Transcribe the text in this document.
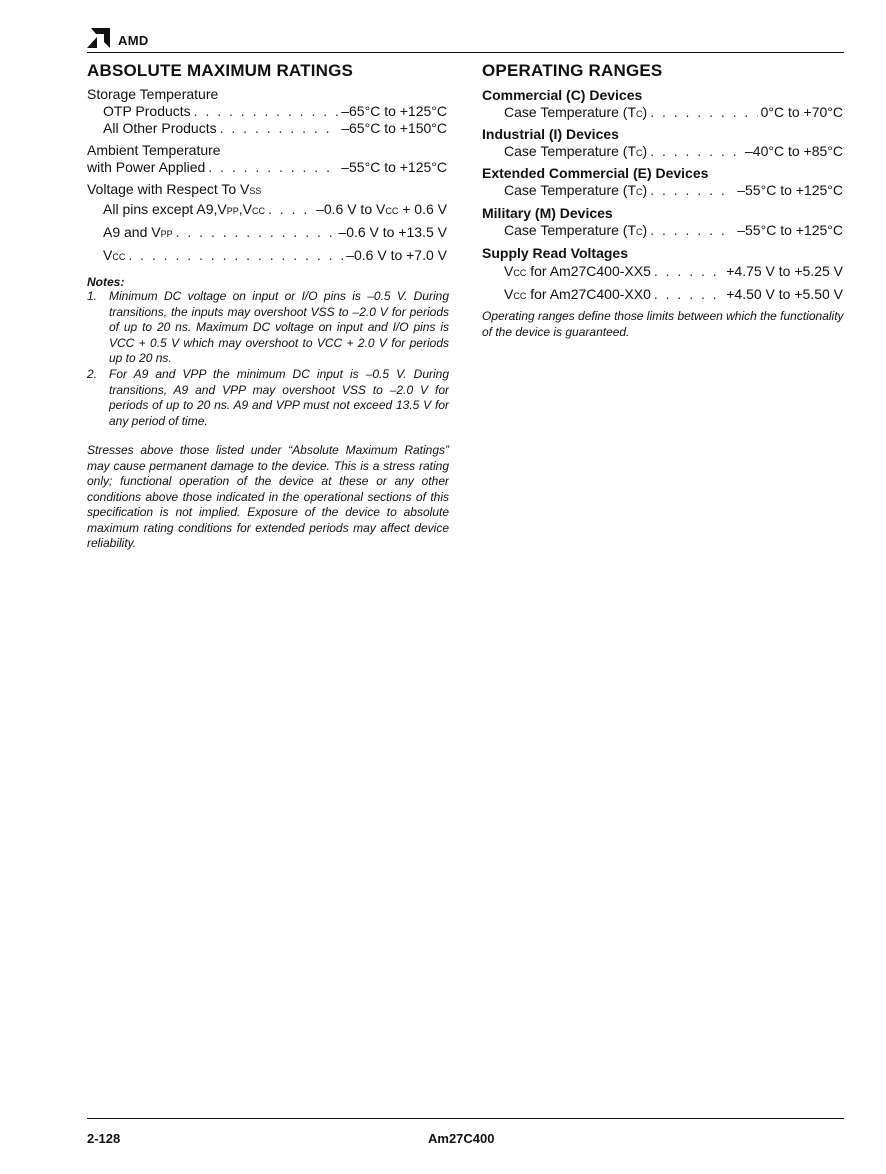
AMD
ABSOLUTE MAXIMUM RATINGS
Storage Temperature
OTP Products . . .	–65°C to +125°C
All Other Products . . .	–65°C to +150°C
Ambient Temperature
with Power Applied . . .	–55°C to +125°C
Voltage with Respect To VSS
All pins except A9,VPP,VCC . . .	–0.6 V to VCC + 0.6 V
A9 and VPP . . .	–0.6 V to +13.5 V
VCC . . .	–0.6 V to +7.0 V
Notes:
1. Minimum DC voltage on input or I/O pins is –0.5 V. During transitions, the inputs may overshoot VSS to –2.0 V for periods of up to 20 ns. Maximum DC voltage on input and I/O pins is VCC + 0.5 V which may overshoot to VCC + 2.0 V for periods up to 20 ns.
2. For A9 and VPP the minimum DC input is –0.5 V. During transitions, A9 and VPP may overshoot VSS to –2.0 V for periods of up to 20 ns. A9 and VPP must not exceed 13.5 V for any period of time.
Stresses above those listed under “Absolute Maximum Ratings” may cause permanent damage to the device. This is a stress rating only; functional operation of the device at these or any other conditions above those indicated in the operational sections of this specification is not implied. Exposure of the device to absolute maximum rating conditions for extended periods may affect device reliability.
OPERATING RANGES
Commercial (C) Devices
Case Temperature (TC) . . .	0°C to +70°C
Industrial (I) Devices
Case Temperature (TC) . . .	–40°C to +85°C
Extended Commercial (E) Devices
Case Temperature (TC) . . .	–55°C to +125°C
Military (M) Devices
Case Temperature (TC) . . .	–55°C to +125°C
Supply Read Voltages
VCC for Am27C400-XX5 . . .	+4.75 V to +5.25 V
VCC for Am27C400-XX0 . . .	+4.50 V to +5.50 V
Operating ranges define those limits between which the functionality of the device is guaranteed.
2-128	Am27C400
